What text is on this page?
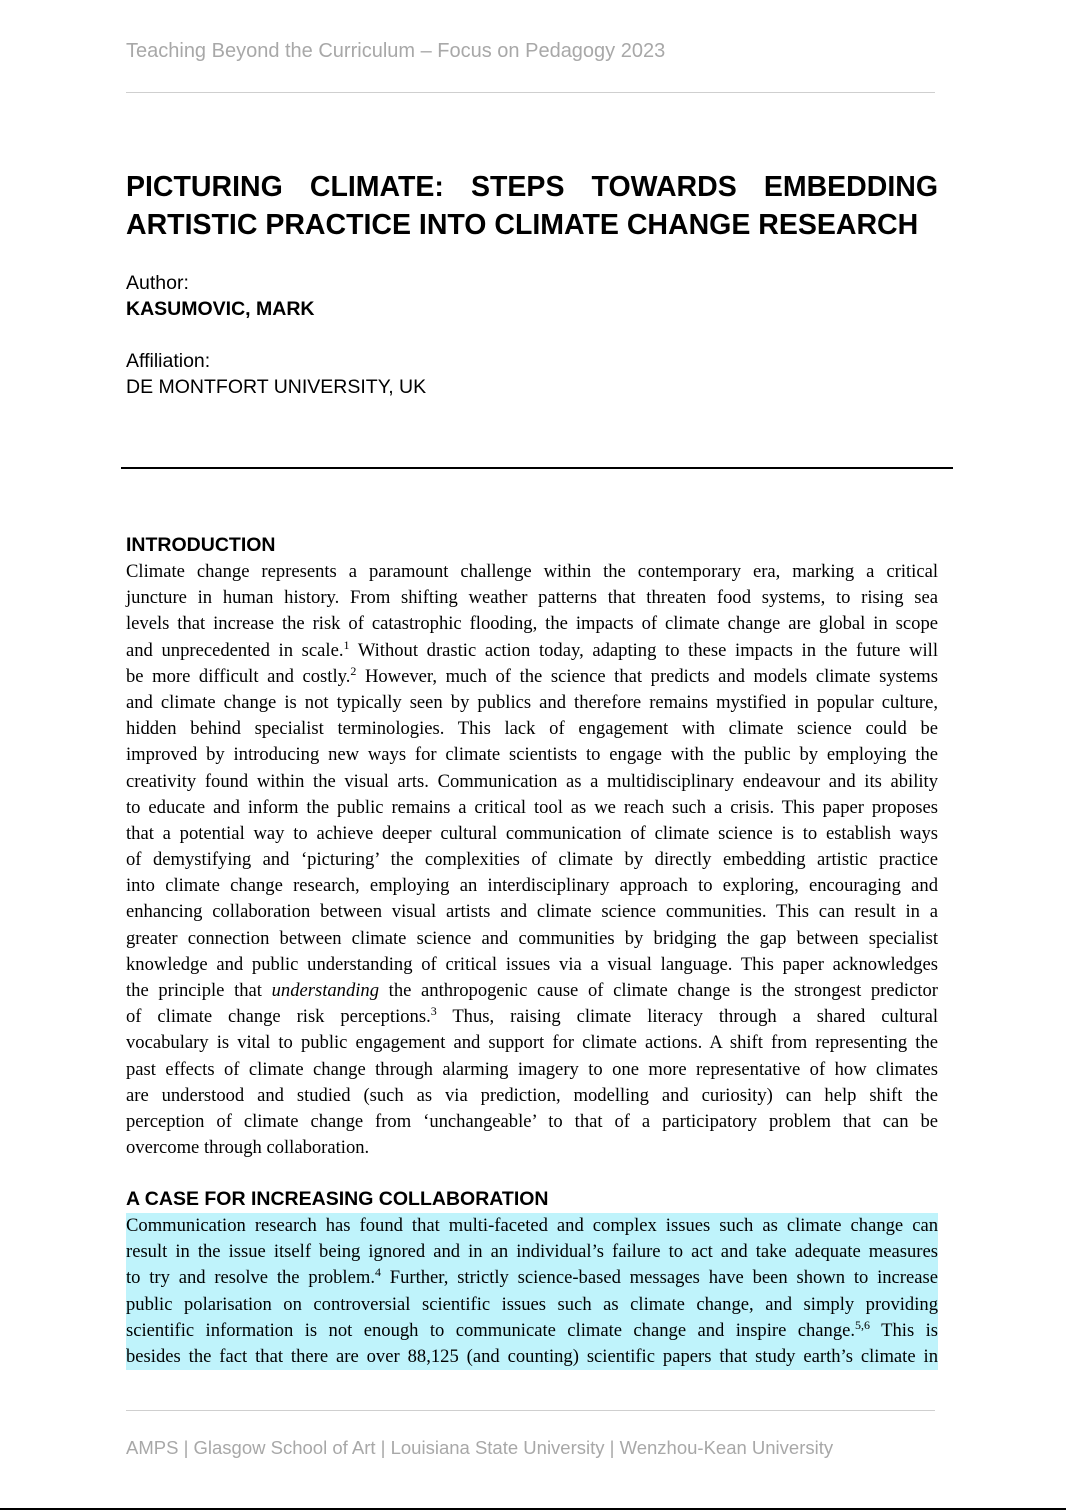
Teaching Beyond the Curriculum – Focus on Pedagogy 2023
PICTURING CLIMATE: STEPS TOWARDS EMBEDDING
ARTISTIC PRACTICE INTO CLIMATE CHANGE RESEARCH
Author:
KASUMOVIC, MARK
Affiliation:
DE MONTFORT UNIVERSITY, UK
INTRODUCTION
Climate change represents a paramount challenge within the contemporary era, marking a critical
juncture in human history. From shifting weather patterns that threaten food systems, to rising sea
levels that increase the risk of catastrophic flooding, the impacts of climate change are global in scope
and unprecedented in scale.$^1$ Without drastic action today, adapting to these impacts in the future will
be more difficult and costly.$^2$ However, much of the science that predicts and models climate systems
and climate change is not typically seen by publics and therefore remains mystified in popular culture,
hidden behind specialist terminologies. This lack of engagement with climate science could be
improved by introducing new ways for climate scientists to engage with the public by employing the
creativity found within the visual arts. Communication as a multidisciplinary endeavour and its ability
to educate and inform the public remains a critical tool as we reach such a crisis. This paper proposes
that a potential way to achieve deeper cultural communication of climate science is to establish ways
of demystifying and ‘picturing’ the complexities of climate by directly embedding artistic practice
into climate change research, employing an interdisciplinary approach to exploring, encouraging and
enhancing collaboration between visual artists and climate science communities. This can result in a
greater connection between climate science and communities by bridging the gap between specialist
knowledge and public understanding of critical issues via a visual language. This paper acknowledges
the principle that understanding the anthropogenic cause of climate change is the strongest predictor
of climate change risk perceptions.$^3$ Thus, raising climate literacy through a shared cultural
vocabulary is vital to public engagement and support for climate actions. A shift from representing the
past effects of climate change through alarming imagery to one more representative of how climates
are understood and studied (such as via prediction, modelling and curiosity) can help shift the
perception of climate change from ‘unchangeable’ to that of a participatory problem that can be
overcome through collaboration.
A CASE FOR INCREASING COLLABORATION
Communication research has found that multi-faceted and complex issues such as climate change can
result in the issue itself being ignored and in an individual’s failure to act and take adequate measures
to try and resolve the problem.$^4$ Further, strictly science-based messages have been shown to increase
public polarisation on controversial scientific issues such as climate change, and simply providing
scientific information is not enough to communicate climate change and inspire change.$^{5,6}$ This is
besides the fact that there are over 88,125 (and counting) scientific papers that study earth’s climate in
AMPS | Glasgow School of Art | Louisiana State University | Wenzhou-Kean University
